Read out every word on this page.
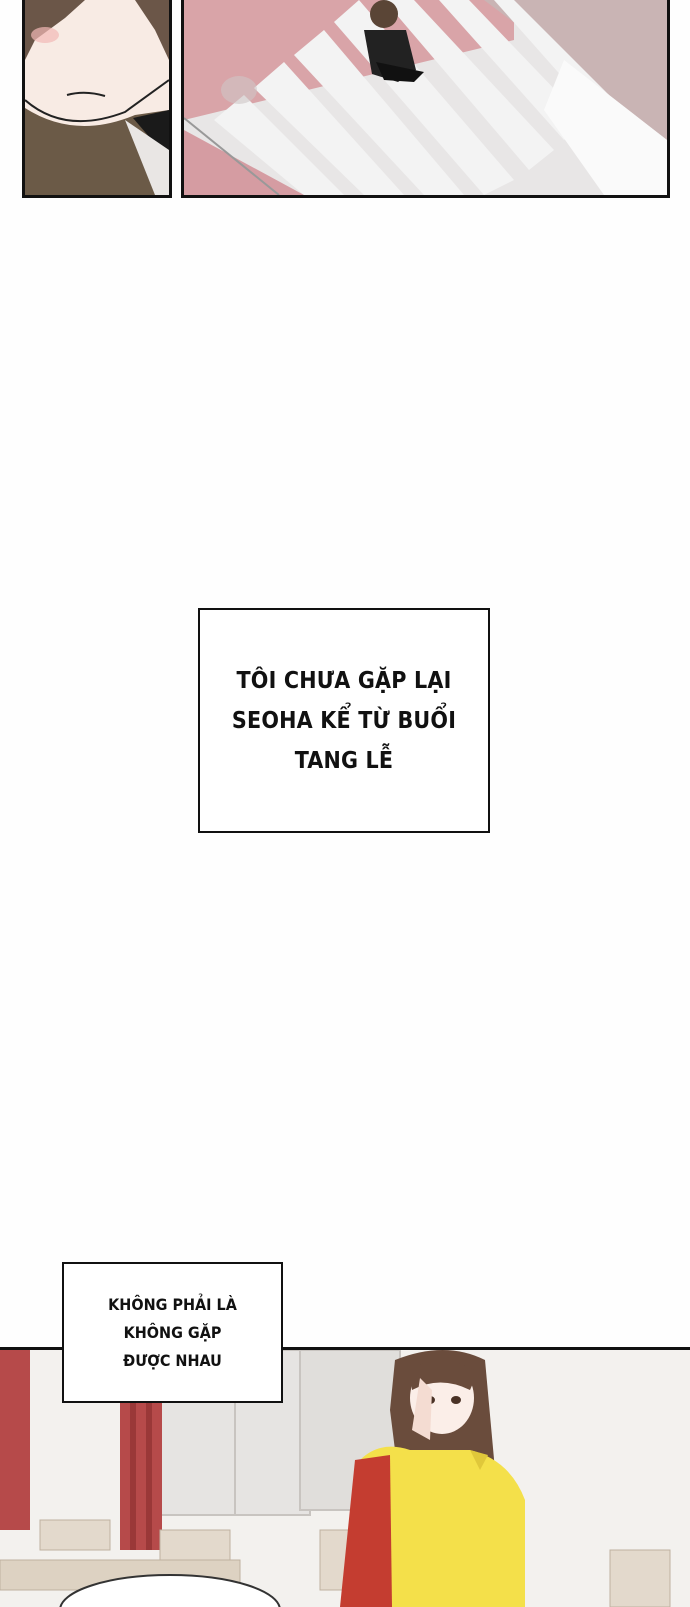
TÔI CHƯA GẶP LẠI
SEOHA KỂ TỪ BUỔI
TANG LỄ
KHÔNG PHẢI LÀ
KHÔNG GẶP
ĐƯỢC NHAU
